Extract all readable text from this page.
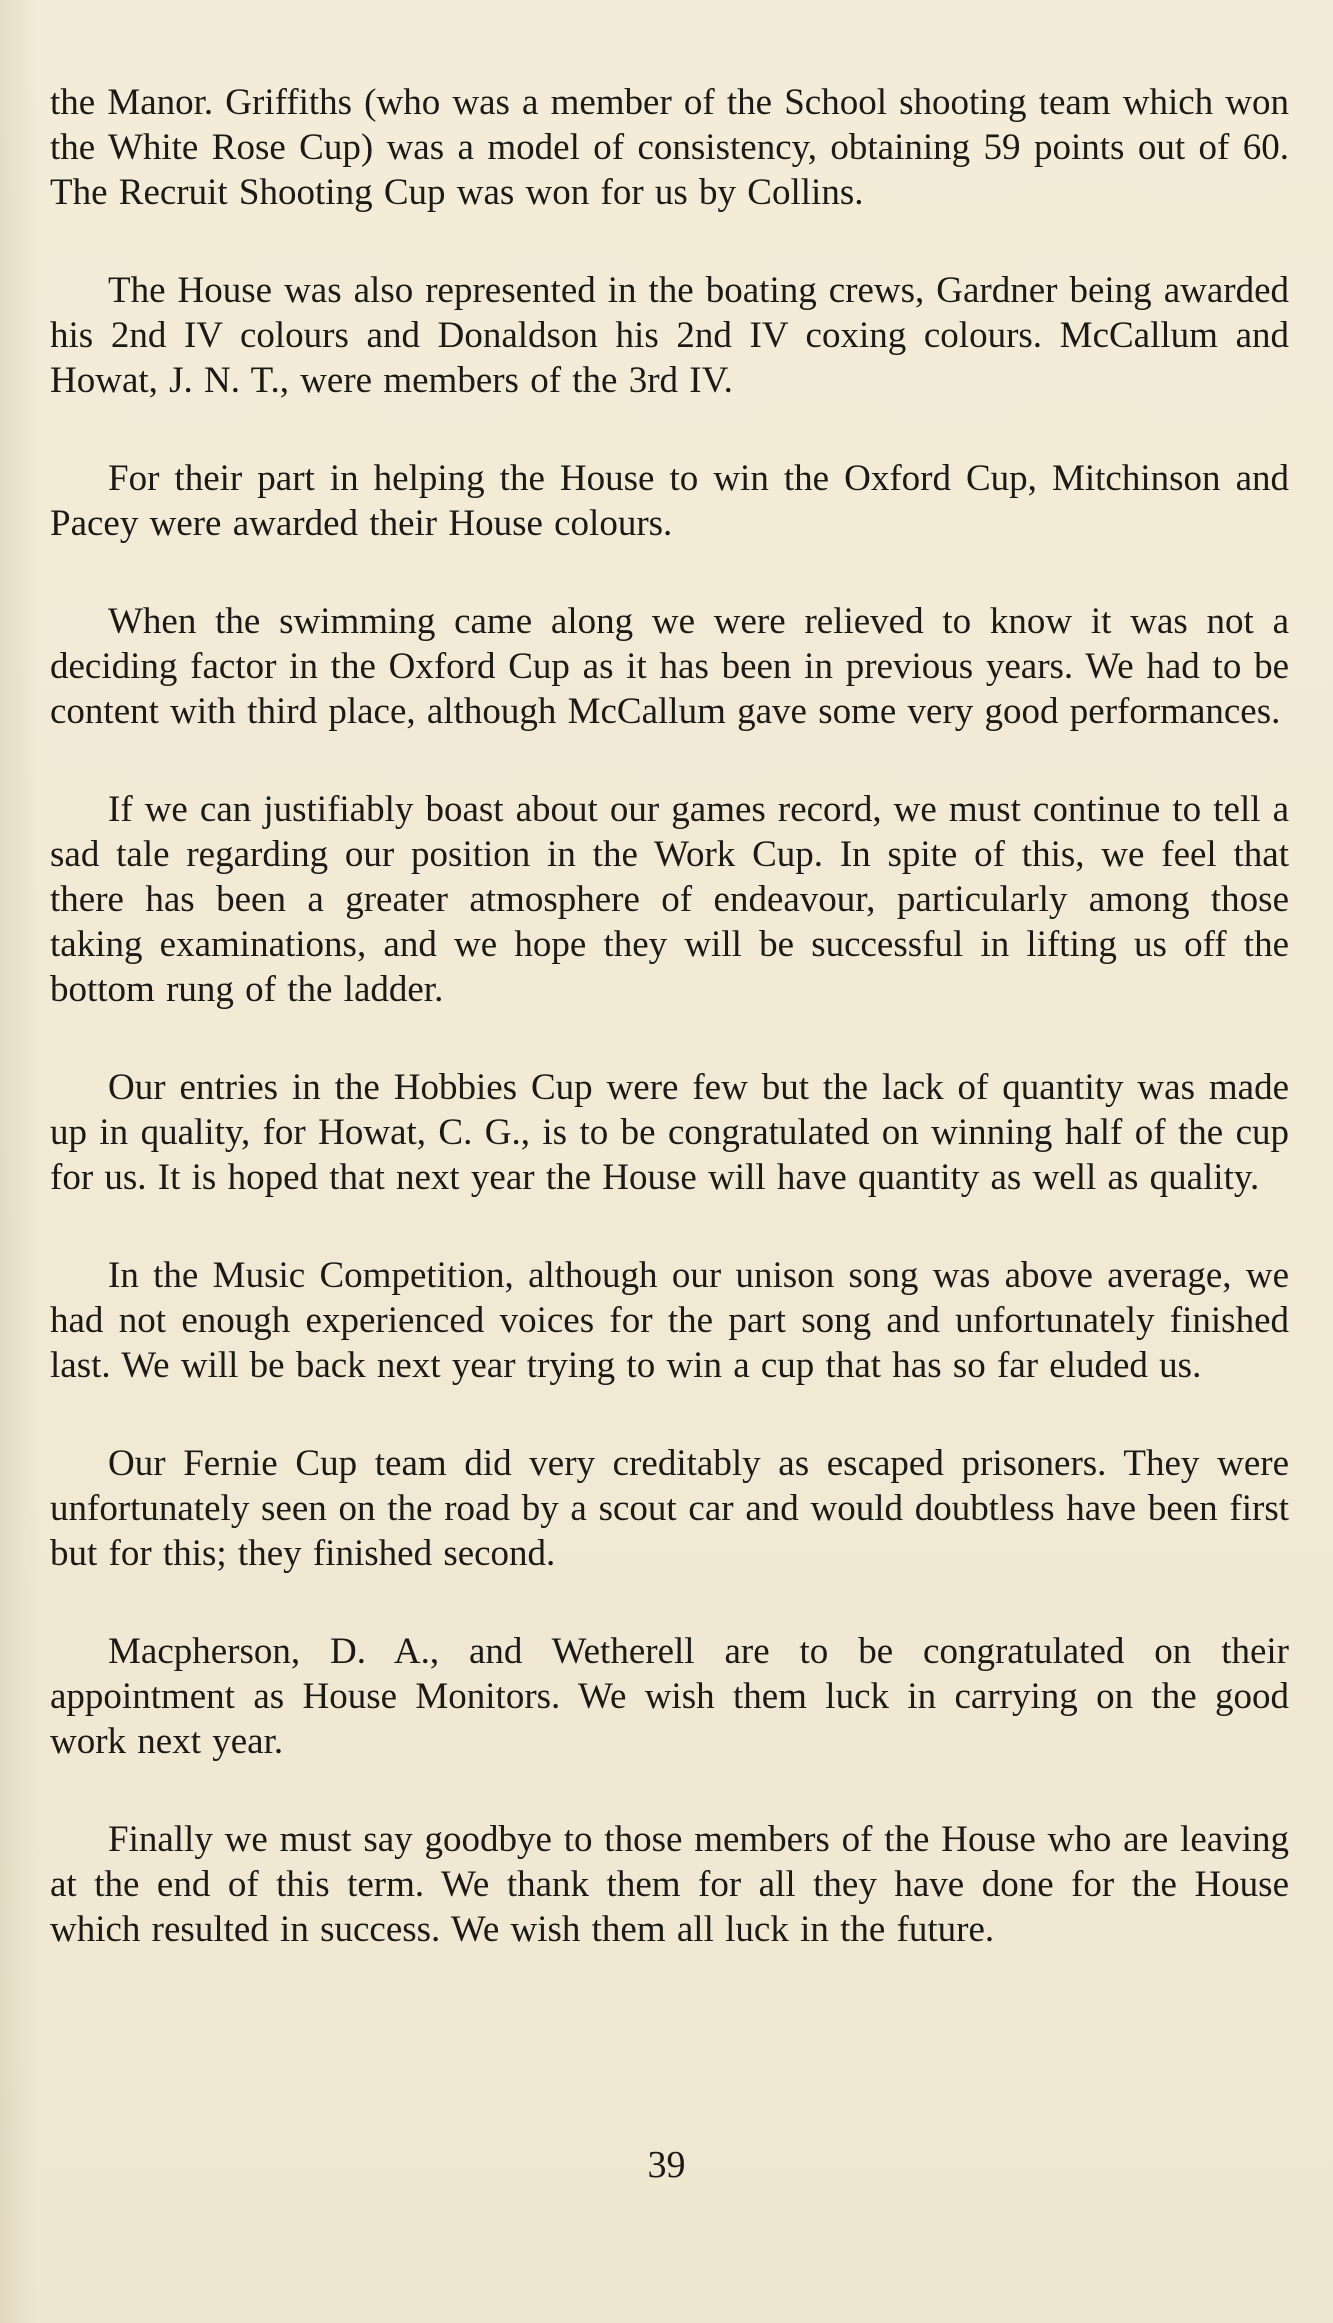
the Manor. Griffiths (who was a member of the School shooting team which won the White Rose Cup) was a model of consistency, obtaining 59 points out of 60. The Recruit Shooting Cup was won for us by Collins.

The House was also represented in the boating crews, Gardner being awarded his 2nd IV colours and Donaldson his 2nd IV coxing colours. McCallum and Howat, J. N. T., were members of the 3rd IV.

For their part in helping the House to win the Oxford Cup, Mitchinson and Pacey were awarded their House colours.

When the swimming came along we were relieved to know it was not a deciding factor in the Oxford Cup as it has been in previous years. We had to be content with third place, although McCallum gave some very good performances.

If we can justifiably boast about our games record, we must continue to tell a sad tale regarding our position in the Work Cup. In spite of this, we feel that there has been a greater atmosphere of endeavour, particularly among those taking examinations, and we hope they will be successful in lifting us off the bottom rung of the ladder.

Our entries in the Hobbies Cup were few but the lack of quantity was made up in quality, for Howat, C. G., is to be congratulated on winning half of the cup for us. It is hoped that next year the House will have quantity as well as quality.

In the Music Competition, although our unison song was above average, we had not enough experienced voices for the part song and unfortunately finished last. We will be back next year trying to win a cup that has so far eluded us.

Our Fernie Cup team did very creditably as escaped prisoners. They were unfortunately seen on the road by a scout car and would doubtless have been first but for this; they finished second.

Macpherson, D. A., and Wetherell are to be congratulated on their appointment as House Monitors. We wish them luck in carrying on the good work next year.

Finally we must say goodbye to those members of the House who are leaving at the end of this term. We thank them for all they have done for the House which resulted in success. We wish them all luck in the future.

39
